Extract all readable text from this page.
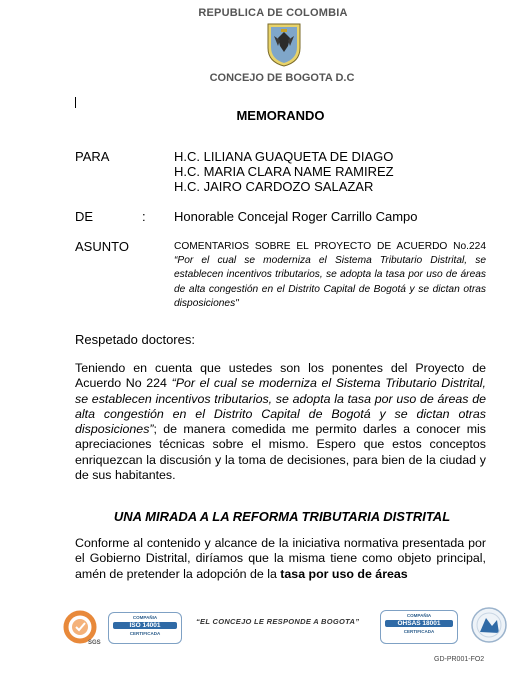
REPUBLICA DE COLOMBIA
CONCEJO DE BOGOTA D.C
MEMORANDO
PARA	H.C. LILIANA GUAQUETA DE DIAGO
H.C. MARIA CLARA NAME RAMIREZ
H.C. JAIRO CARDOZO SALAZAR
DE	: Honorable Concejal Roger Carrillo Campo
ASUNTO	COMENTARIOS SOBRE EL PROYECTO DE ACUERDO No.224 “Por el cual se moderniza el Sistema Tributario Distrital, se establecen incentivos tributarios, se adopta la tasa por uso de áreas de alta congestión en el Distrito Capital de Bogotá y se dictan otras disposiciones"
Respetado doctores:
Teniendo en cuenta que ustedes son los ponentes del Proyecto de Acuerdo No 224 “Por el cual se moderniza el Sistema Tributario Distrital, se establecen incentivos tributarios, se adopta la tasa por uso de áreas de alta congestión en el Distrito Capital de Bogotá y se dictan otras disposiciones”; de manera comedida me permito darles a conocer mis apreciaciones técnicas sobre el mismo. Espero que estos conceptos enriquezcan la discusión y la toma de decisiones, para bien de la ciudad y de sus habitantes.
UNA MIRADA A LA REFORMA TRIBUTARIA DISTRITAL
Conforme al contenido y alcance de la iniciativa normativa presentada por el Gobierno Distrital, diríamos que la misma tiene como objeto principal, amén de pretender la adopción de la tasa por uso de áreas
SGS
COMPAÑIA
ISO 14001
CERTIFICADA
“EL CONCEJO LE RESPONDE A BOGOTA”
COMPAÑIA
OHSAS 18001
CERTIFICADA
GD-PR001-FO2
